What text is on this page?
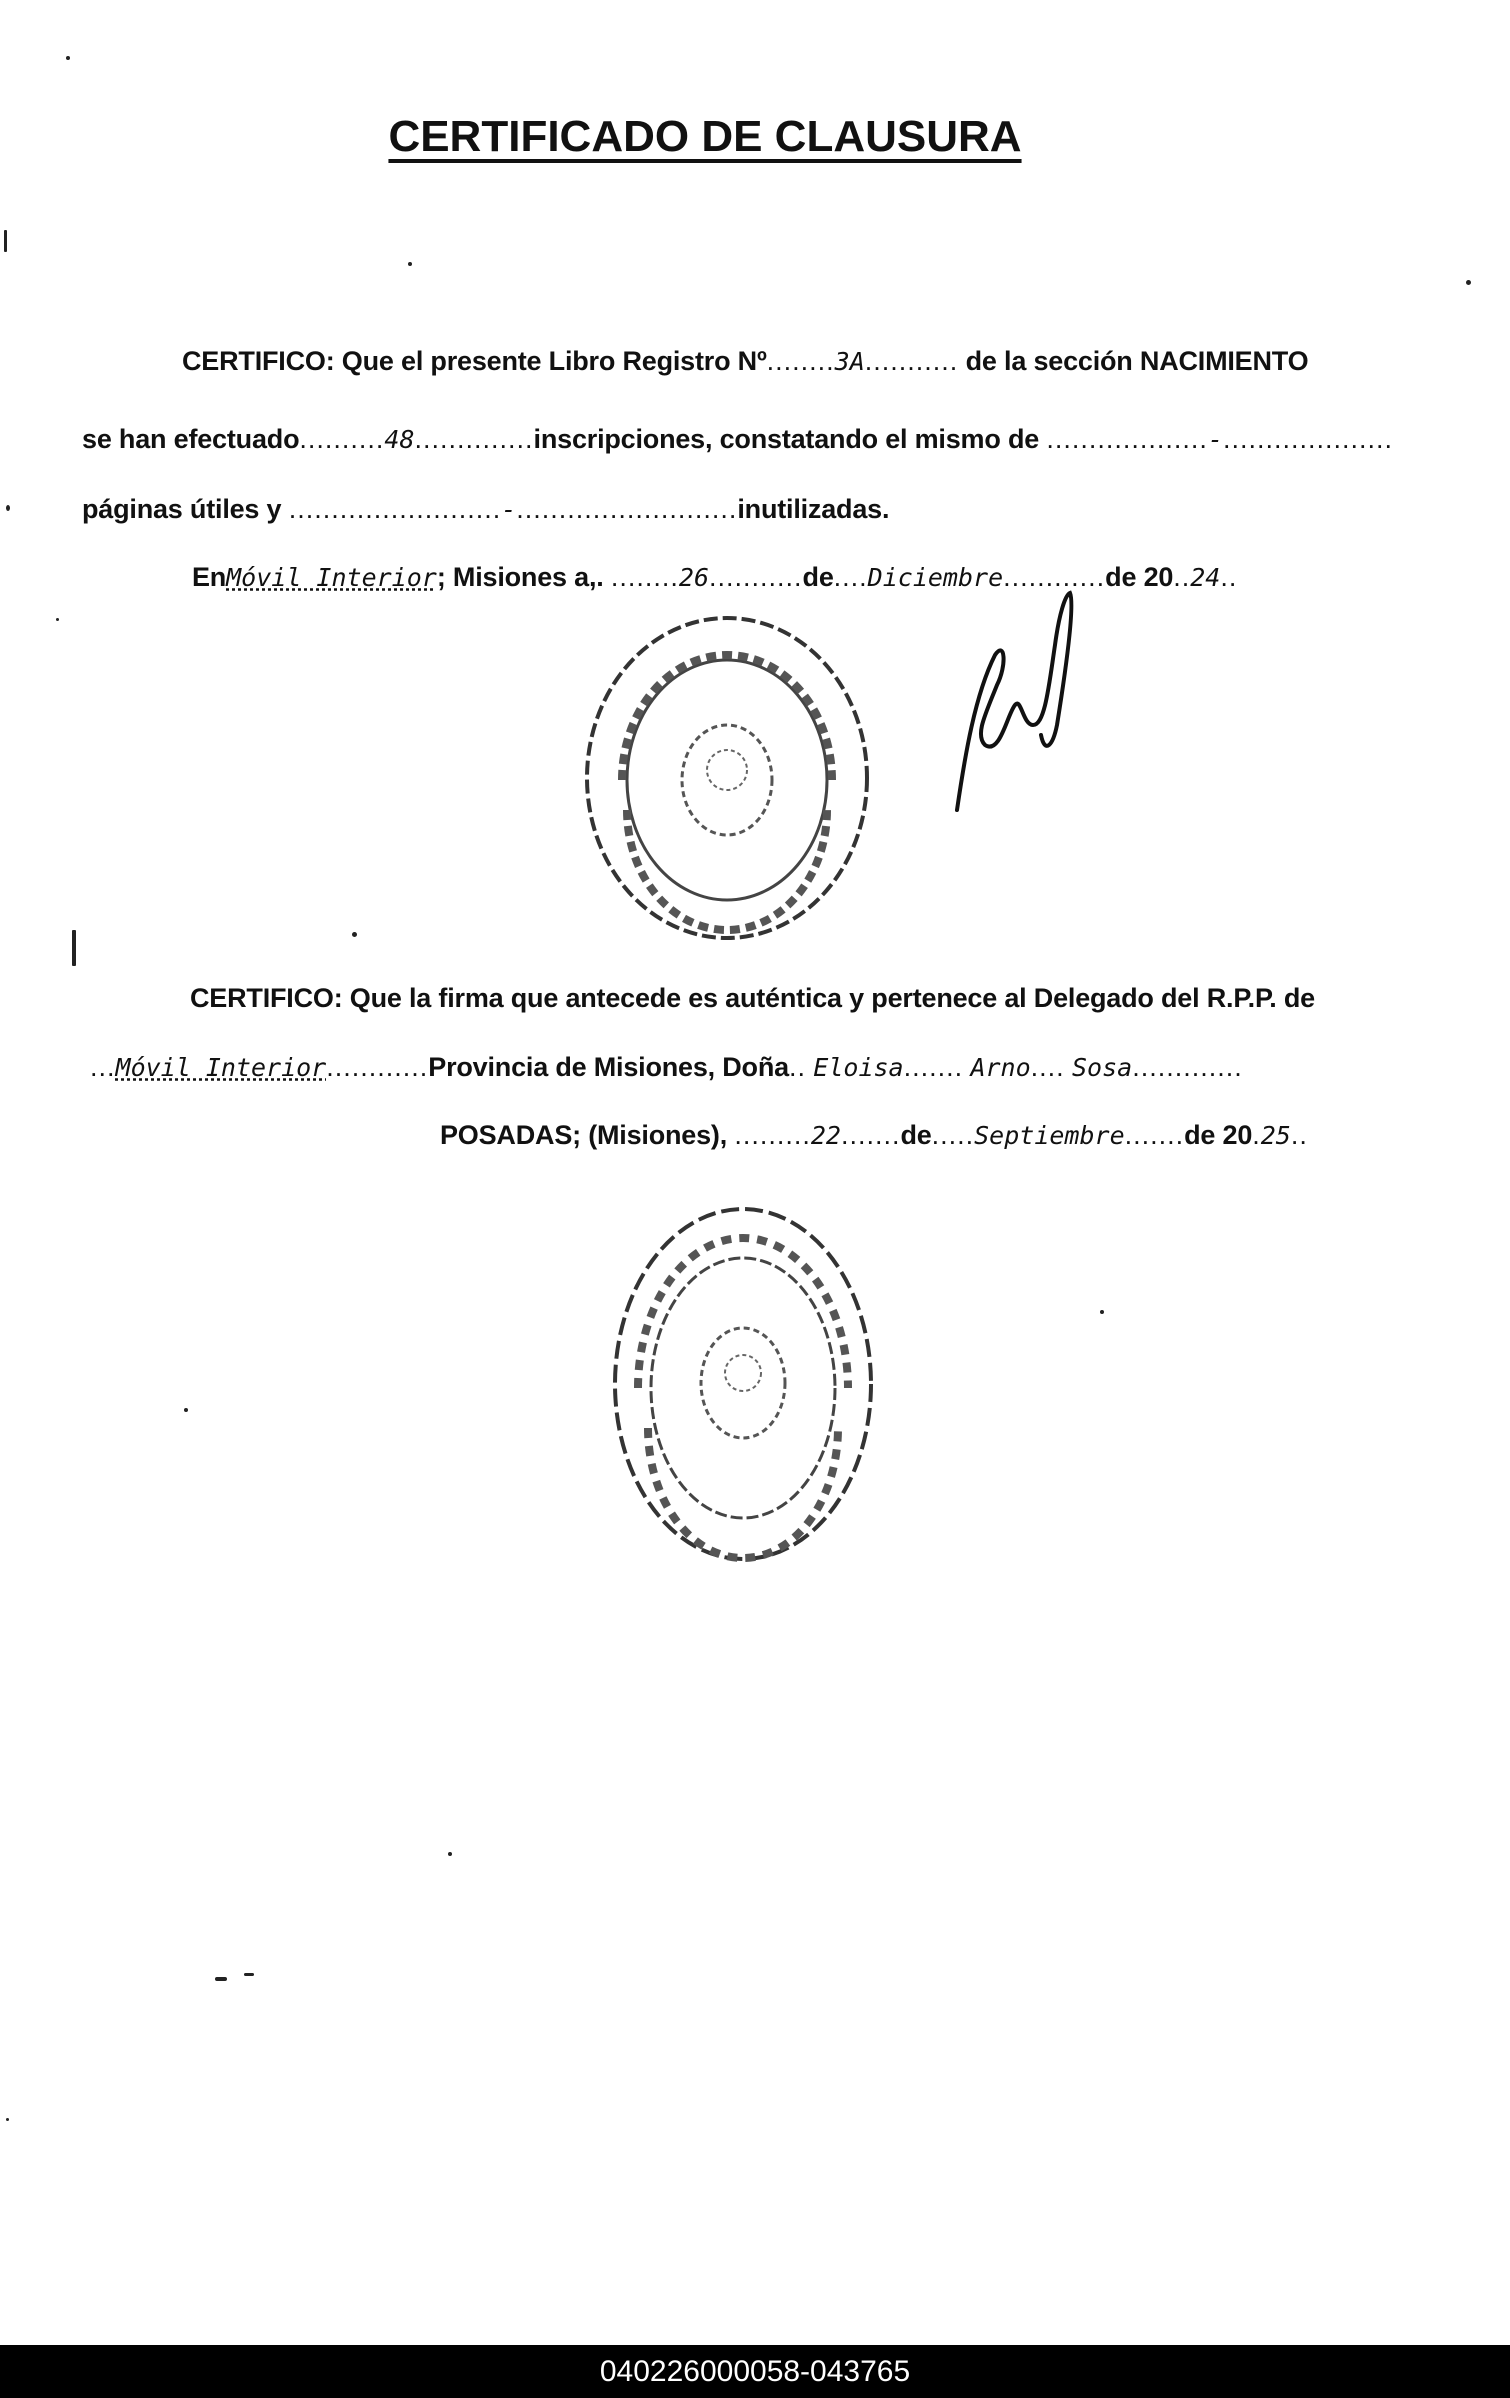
CERTIFICADO DE CLAUSURA
CERTIFICO: Que el presente Libro Registro Nº........3A........... de la sección NACIMIENTO
se han efectuado..........48..............inscripciones, constatando el mismo de ...................-....................
páginas útiles y .........................-..........................inutilizadas.
EnMóvil Interior; Misiones a,. ........26...........de....Diciembre............de 20..24..
CERTIFICO: Que la firma que antecede es auténtica y pertenece al Delegado del R.P.P. de
...Móvil Interior............Provincia de Misiones, Doña.. Eloisa....... Arno.... Sosa.............
POSADAS; (Misiones), .........22.......de.....Septiembre.......de 20.25..
040226000058-043765
